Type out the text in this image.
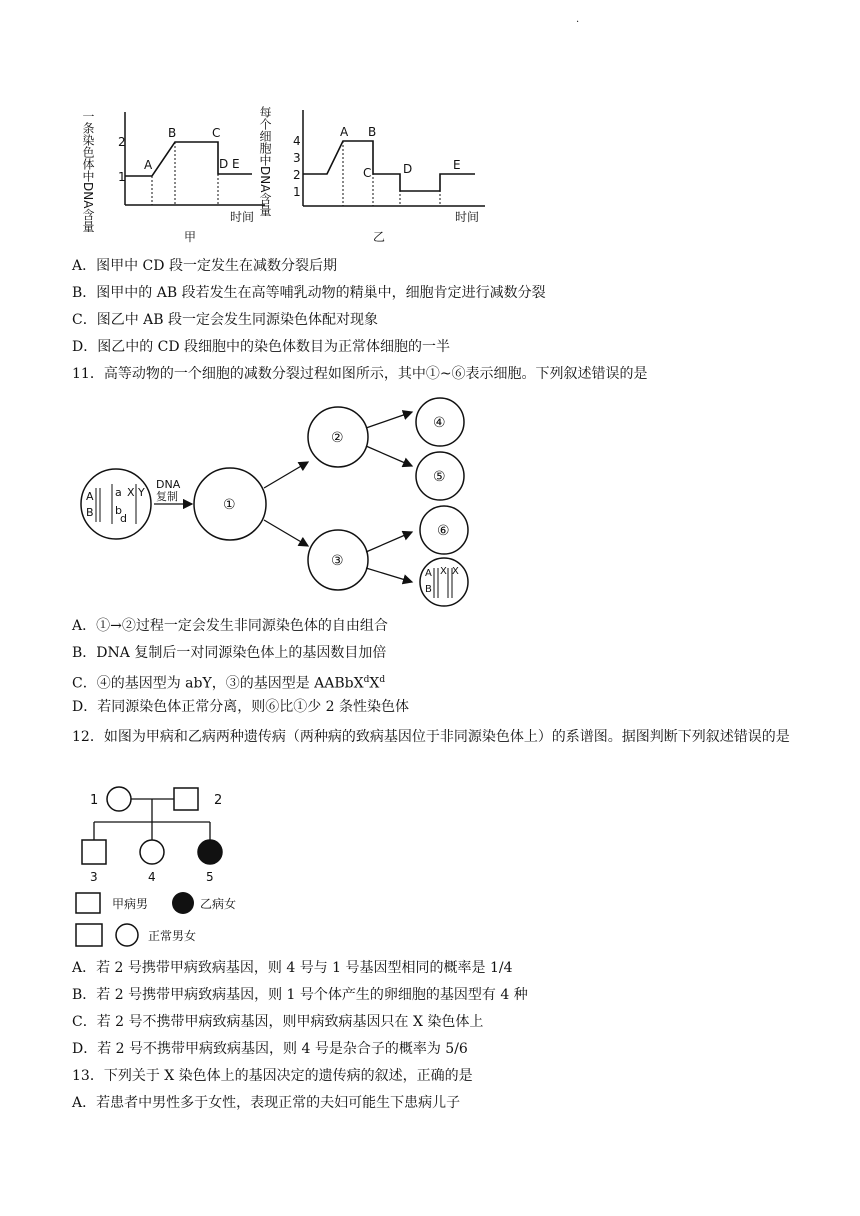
.
一条染色体中DNA含量 1
2
A
B	C
D E
时间
甲
每个细胞中DNA含量 1
2
3
4
A B
C	D	E
时间
乙
A．图甲中 CD 段一定发生在减数分裂后期
B．图甲中的 AB 段若发生在高等哺乳动物的精巢中，细胞肯定进行减数分裂
C．图乙中 AB 段一定会发生同源染色体配对现象
D．图乙中的 CD 段细胞中的染色体数目为正常体细胞的一半
11．高等动物的一个细胞的减数分裂过程如图所示，其中①~⑥表示细胞。下列叙述错误的是
A
B
a
b
d
X Y
DNA
复制
①
②
③
④
⑤
⑥
A
B
X X
A．①→②过程一定会发生非同源染色体的自由组合
B．DNA 复制后一对同源染色体上的基因数目加倍
C．④的基因型为 abY，③的基因型是 $AABbX^dX^d$
D．若同源染色体正常分离，则⑥比①少 2 条性染色体
12．如图为甲病和乙病两种遗传病（两种病的致病基因位于非同源染色体上）的系谱图。据图判断下列叙述错误的是
1	2
3	4	5
甲病男	乙病女
正常男女
A．若 2 号携带甲病致病基因，则 4 号与 1 号基因型相同的概率是 1/4
B．若 2 号携带甲病致病基因，则 1 号个体产生的卵细胞的基因型有 4 种
C．若 2 号不携带甲病致病基因，则甲病致病基因只在 X 染色体上
D．若 2 号不携带甲病致病基因，则 4 号是杂合子的概率为 5/6
13．下列关于 X 染色体上的基因决定的遗传病的叙述，正确的是
A．若患者中男性多于女性，表现正常的夫妇可能生下患病儿子
